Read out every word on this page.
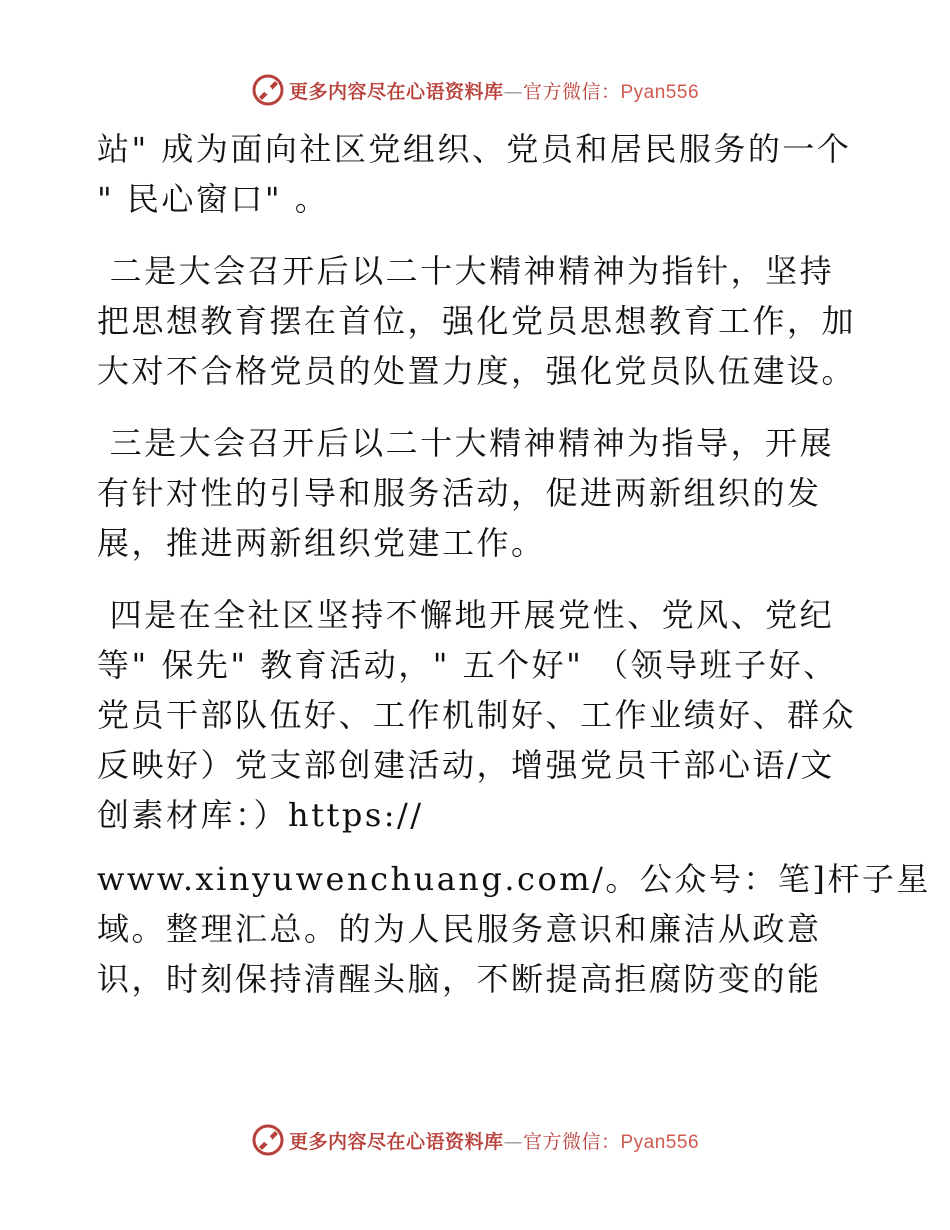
更多内容尽在心语资料库—官方微信：Pyan556
站" 成为面向社区党组织、党员和居民服务的一个
" 民心窗口" 。
二是大会召开后以二十大精神精神为指针，坚持
把思想教育摆在首位，强化党员思想教育工作，加
大对不合格党员的处置力度，强化党员队伍建设。
三是大会召开后以二十大精神精神为指导，开展
有针对性的引导和服务活动，促进两新组织的发
展，推进两新组织党建工作。
四是在全社区坚持不懈地开展党性、党风、党纪
等" 保先" 教育活动，" 五个好" （领导班子好、
党员干部队伍好、工作机制好、工作业绩好、群众
反映好）党支部创建活动，增强党员干部心语/文
创素材库：）https://
www.xinyuwenchuang.com/。公众号：笔]杆子星
域。整理汇总。的为人民服务意识和廉洁从政意
识，时刻保持清醒头脑，不断提高拒腐防变的能
更多内容尽在心语资料库—官方微信：Pyan556
